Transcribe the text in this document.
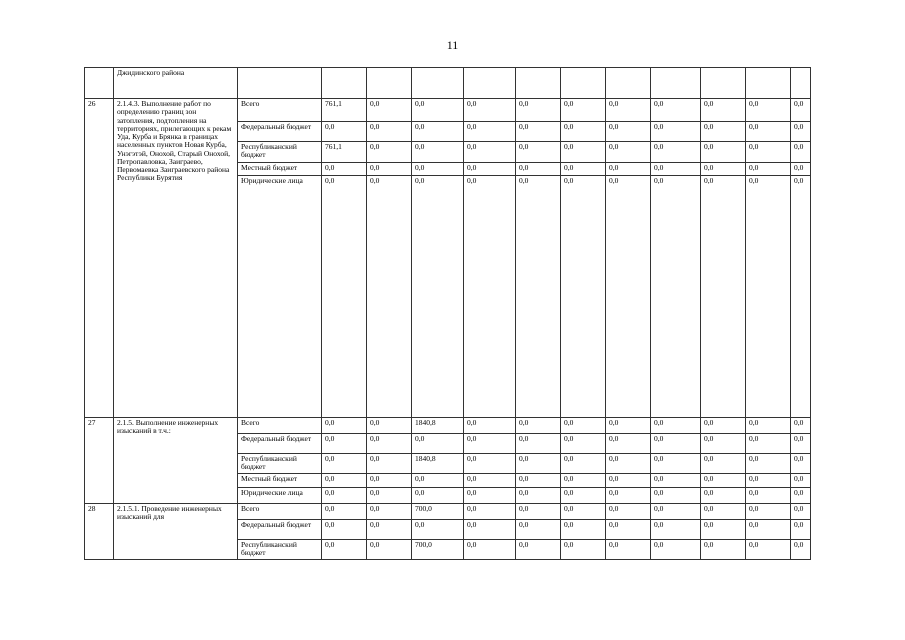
11
	Джидинского района													
26	2.1.4.3. Выполнение работ по определению границ зон затопления, подтопления на территориях, прилегающих к рекам Уда, Курба и Брянка в границах населенных пунктов Новая Курба, Унэгэтэй, Онохой, Старый Онохой, Петропавловка, Заиграево, Первомаевка Заиграевского района Республики Бурятия	Всего	761,1	0,0	0,0	0,0	0,0	0,0	0,0	0,0	0,0	0,0	0,0	
		Федеральный бюджет	0,0	0,0	0,0	0,0	0,0	0,0	0,0	0,0	0,0	0,0	0,0	
		Республиканский бюджет	761,1	0,0	0,0	0,0	0,0	0,0	0,0	0,0	0,0	0,0	0,0	
		Местный бюджет	0,0	0,0	0,0	0,0	0,0	0,0	0,0	0,0	0,0	0,0	0,0	
		Юридические лица	0,0	0,0	0,0	0,0	0,0	0,0	0,0	0,0	0,0	0,0	0,0	
27	2.1.5. Выполнение инженерных изысканий в т.ч.:	Всего	0,0	0,0	1840,8	0,0	0,0	0,0	0,0	0,0	0,0	0,0	0,0	
		Федеральный бюджет	0,0	0,0	0,0	0,0	0,0	0,0	0,0	0,0	0,0	0,0	0,0	
		Республиканский бюджет	0,0	0,0	1840,8	0,0	0,0	0,0	0,0	0,0	0,0	0,0	0,0	
		Местный бюджет	0,0	0,0	0,0	0,0	0,0	0,0	0,0	0,0	0,0	0,0	0,0	
		Юридические лица	0,0	0,0	0,0	0,0	0,0	0,0	0,0	0,0	0,0	0,0	0,0	
28	2.1.5.1. Проведение инженерных изысканий для	Всего	0,0	0,0	700,0	0,0	0,0	0,0	0,0	0,0	0,0	0,0	0,0	
		Федеральный бюджет	0,0	0,0	0,0	0,0	0,0	0,0	0,0	0,0	0,0	0,0	0,0	
		Республиканский бюджет	0,0	0,0	700,0	0,0	0,0	0,0	0,0	0,0	0,0	0,0	0,0	
